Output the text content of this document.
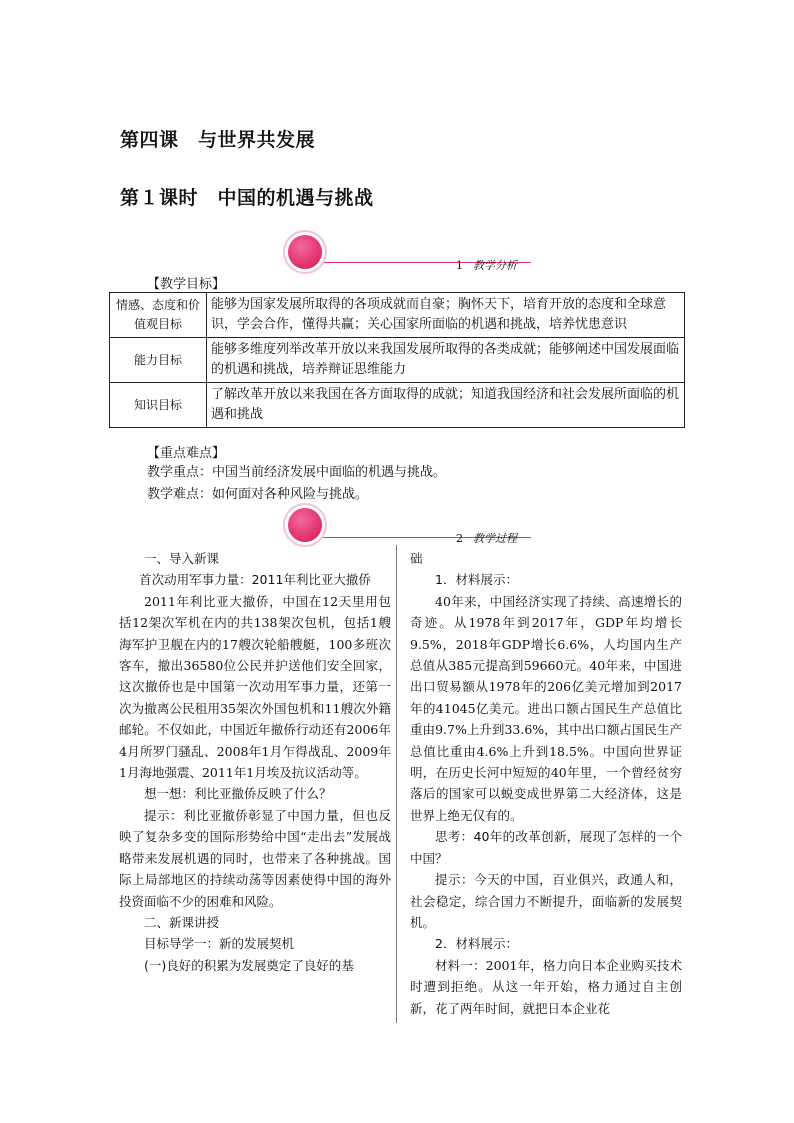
第四课　与世界共发展
第１课时　中国的机遇与挑战
1 教学分析
【教学目标】
情感、态度和价值观目标	能够为国家发展所取得的各项成就而自豪；胸怀天下，培育开放的态度和全球意识，学会合作，懂得共赢；关心国家所面临的机遇和挑战，培养忧患意识
能力目标	能够多维度列举改革开放以来我国发展所取得的各类成就；能够阐述中国发展面临的机遇和挑战，培养辩证思维能力
知识目标	了解改革开放以来我国在各方面取得的成就；知道我国经济和社会发展所面临的机遇和挑战
【重点难点】
教学重点：中国当前经济发展中面临的机遇与挑战。
教学难点：如何面对各种风险与挑战。
2 教学过程

一、导入新课

首次动用军事力量：2011年利比亚大撤侨

2011年利比亚大撤侨，中国在12天里用包括12架次军机在内的共138架次包机，包括1艘海军护卫舰在内的17艘次轮船艘艇，100多班次客车，撤出36580位公民并护送他们安全回家，这次撤侨也是中国第一次动用军事力量，还第一次为撤离公民租用35架次外国包机和11艘次外籍邮轮。不仅如此，中国近年撤侨行动还有2006年4月所罗门骚乱、2008年1月乍得战乱、2009年1月海地强震、2011年1月埃及抗议活动等。

想一想：利比亚撤侨反映了什么？

提示：利比亚撤侨彰显了中国力量，但也反映了复杂多变的国际形势给中国“走出去”发展战略带来发展机遇的同时，也带来了各种挑战。国际上局部地区的持续动荡等因素使得中国的海外投资面临不少的困难和风险。

二、新课讲授

目标导学一：新的发展契机

(一)良好的积累为发展奠定了良好的基

础

1．材料展示：

40年来，中国经济实现了持续、高速增长的奇迹。从1978年到2017年，GDP年均增长9.5%，2018年GDP增长6.6%，人均国内生产总值从385元提高到59660元。40年来，中国进出口贸易额从1978年的206亿美元增加到2017年的41045亿美元。进出口额占国民生产总值比重由9.7%上升到33.6%，其中出口额占国民生产总值比重由4.6%上升到18.5%。中国向世界证明，在历史长河中短短的40年里，一个曾经贫穷落后的国家可以蜕变成世界第二大经济体，这是世界上绝无仅有的。

思考：40年的改革创新，展现了怎样的一个中国？

提示：今天的中国，百业俱兴，政通人和，社会稳定，综合国力不断提升，面临新的发展契机。

2．材料展示：

材料一：2001年，格力向日本企业购买技术时遭到拒绝。从这一年开始，格力通过自主创新，花了两年时间，就把日本企业花
